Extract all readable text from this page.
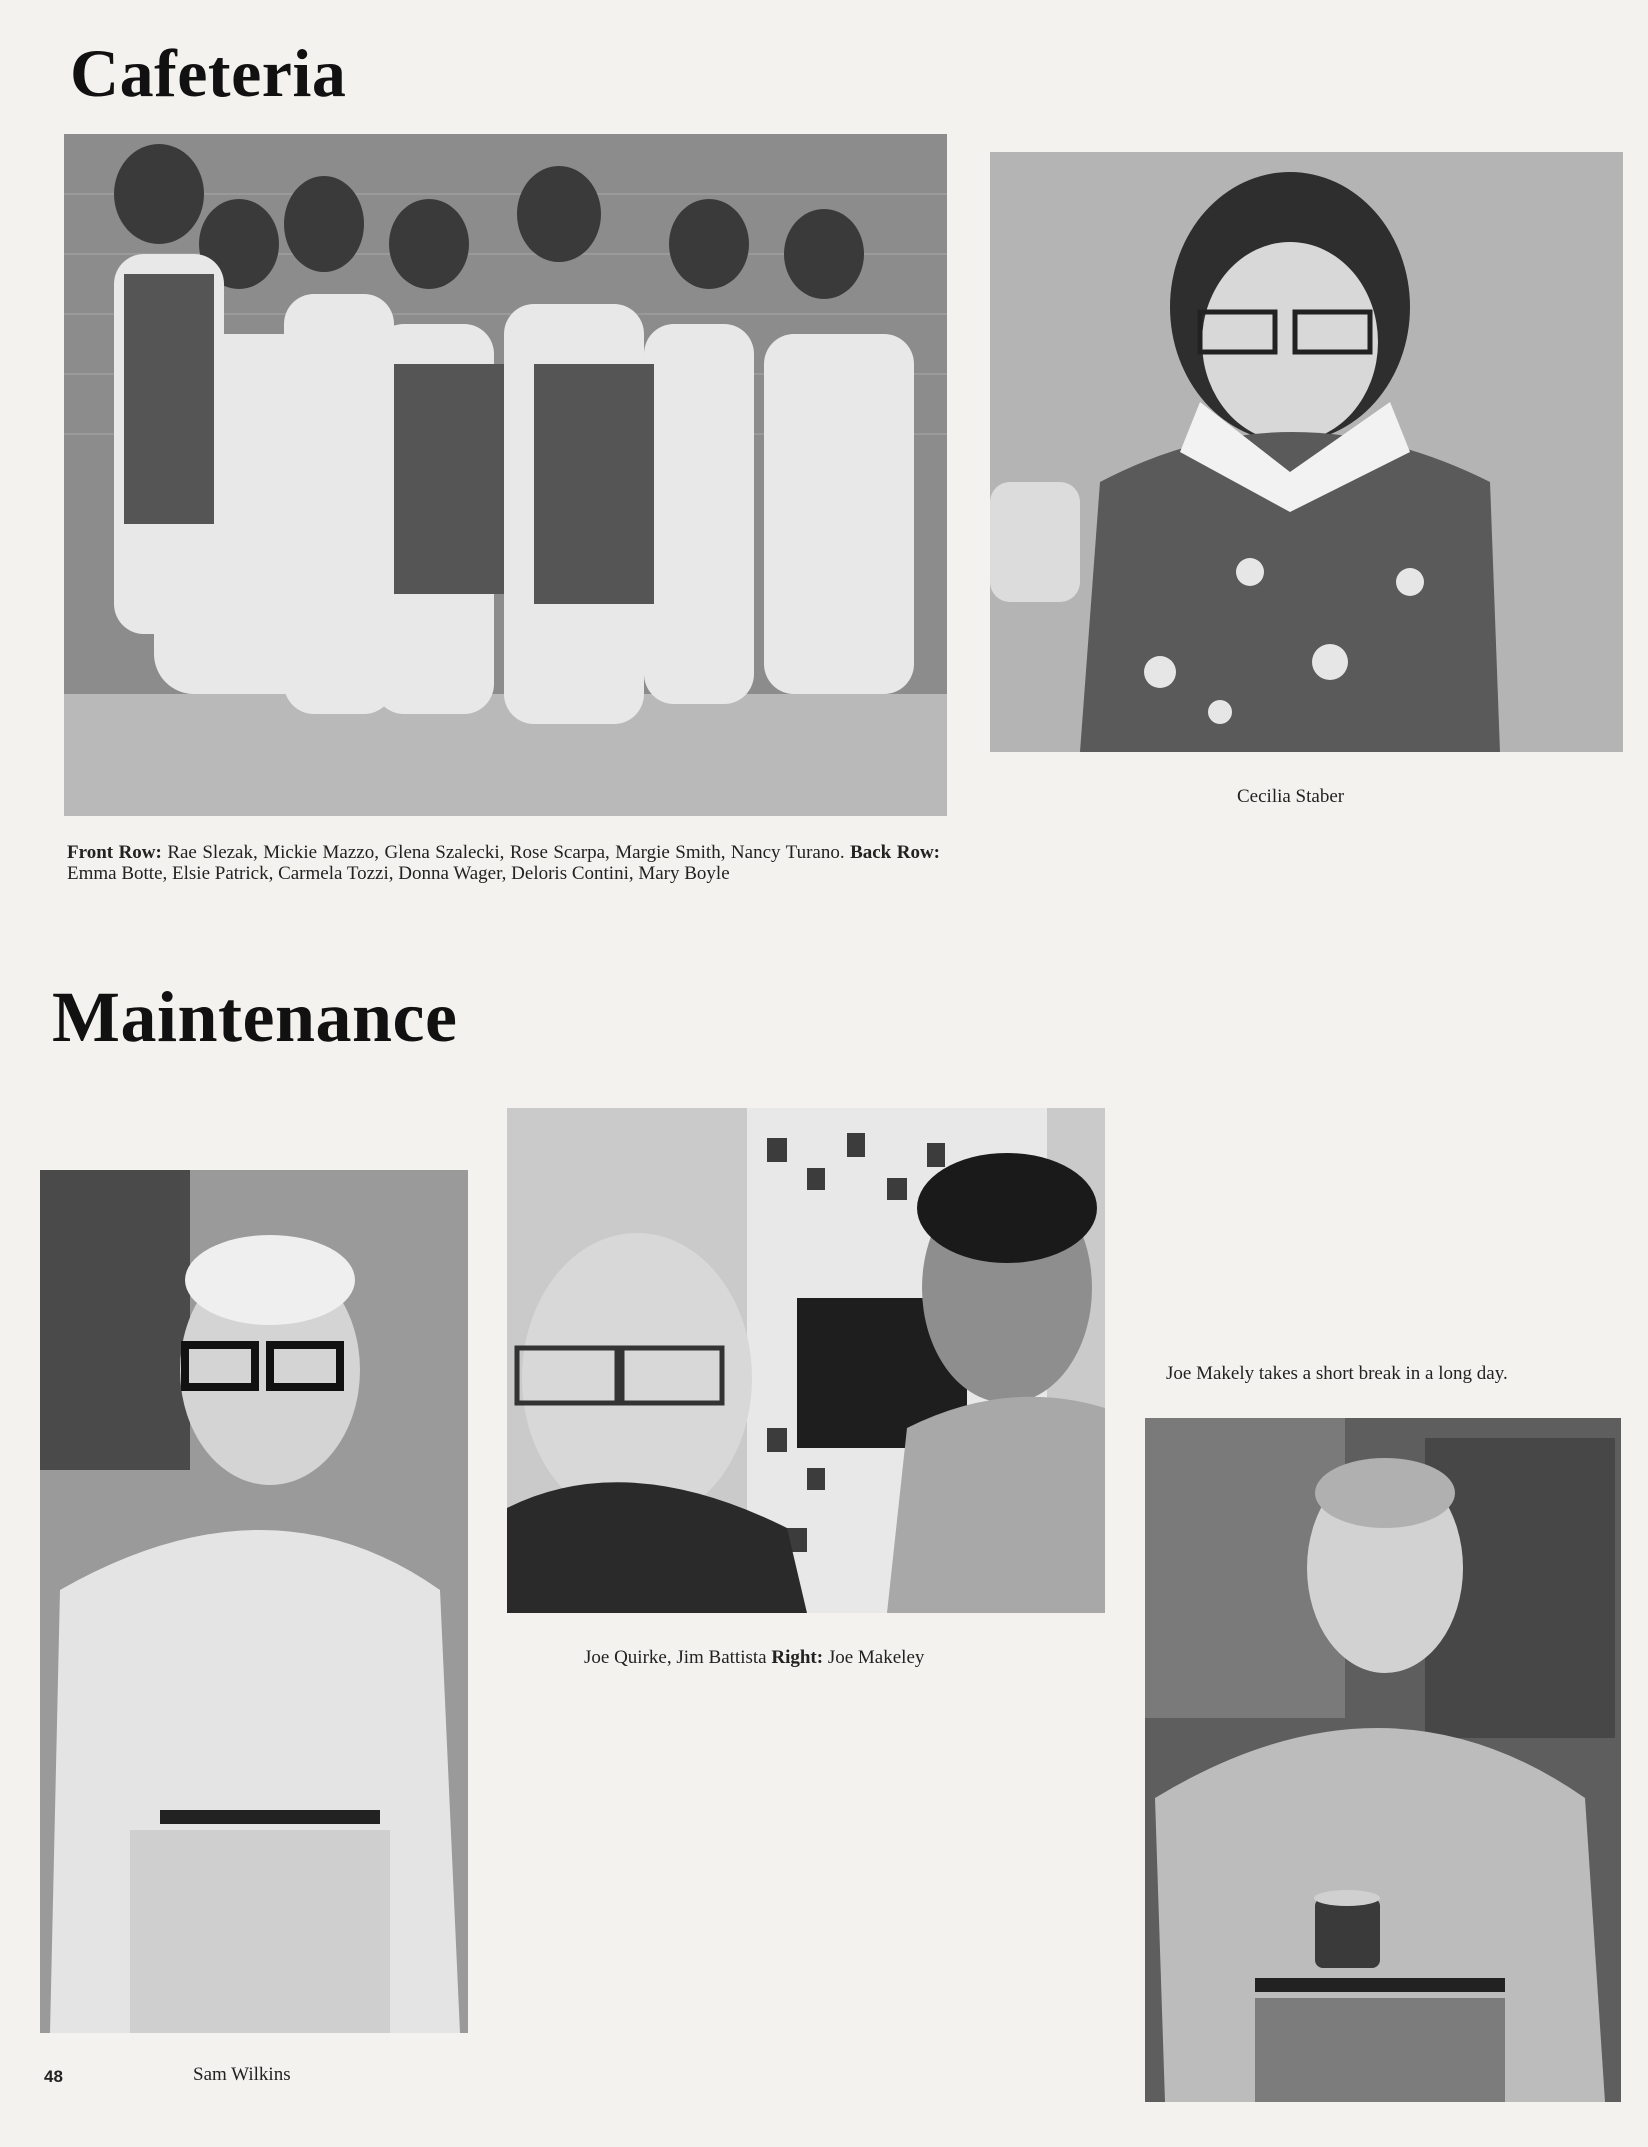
Cafeteria
Maintenance

Front Row: Rae Slezak, Mickie Mazzo, Glena Szalecki, Rose Scarpa, Margie Smith, Nancy Turano. Back Row: Emma Botte, Elsie Patrick, Carmela Tozzi, Donna Wager, Deloris Contini, Mary Boyle

Cecilia Staber

48	Sam Wilkins

Joe Quirke, Jim Battista Right: Joe Makeley

Joe Makely takes a short break in a long day.
